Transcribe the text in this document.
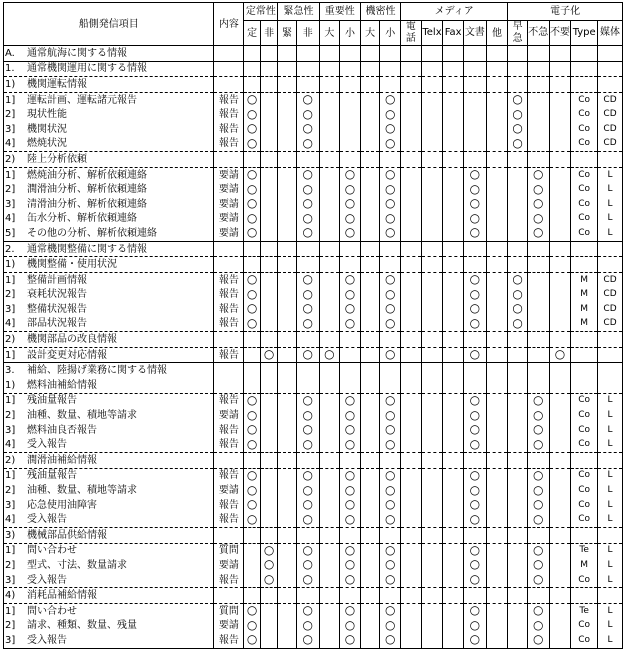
船側発信項目	内容	定常性		緊急性		重要性		機密性		メディア					電子化				
		定	非	緊	非	大	小	大	小	電話	Telx	Fax	文書	他	早急	不急	不要	Type	媒体
A. 通常航海に関する情報																			
1. 通常機関運用に関する情報																			
1) 機関運転情報																			
1] 運転計画、運転諸元報告	報告	○			○				○						○			Co	CD
2] 現状性能	報告	○			○				○						○			Co	CD
3] 機関状況	報告	○			○				○						○			Co	CD
4] 燃焼状況	報告	○			○				○						○			Co	CD
2) 陸上分析依頼																			
1] 燃焼油分析、解析依頼連絡	要請	○			○		○		○				○			○		Co	L
2] 潤滑油分析、解析依頼連絡	要請	○			○		○		○				○			○		Co	L
3] 清滑油分析、解析依頼連絡	要請	○			○		○		○				○			○		Co	L
4] 缶水分析、解析依頼連絡	要請	○			○		○		○				○			○		Co	L
5] その他の分析、解析依頼連絡	要請	○			○		○		○				○			○		Co	L
2. 通常機関整備に関する情報																			
1) 機関整備・使用状況																			
1] 整備計画情報	報告	○			○		○		○				○		○			M	CD
2] 衰耗状況報告	報告	○			○		○		○				○		○			M	CD
3] 整備状況報告	報告	○			○		○		○				○		○			M	CD
4] 部品状況報告	報告	○			○		○		○				○		○			M	CD
2) 機関部品の改良情報																			
1] 設計変更対応情報	報告		○		○	○			○				○				○		
3. 補給、陸揚げ業務に関する情報																			
1) 燃料油補給情報																			
1] 残油量報告	報告	○			○		○		○				○			○		Co	L
2] 油種、数量、積地等請求	要請	○			○		○		○				○			○		Co	L
3] 燃料油良否報告	報告	○			○		○		○				○			○		Co	L
4] 受入報告	報告	○			○		○		○				○			○		Co	L
2) 潤滑油補給情報																			
1] 残油量報告	報告	○			○		○		○				○			○		Co	L
2] 油種、数量、積地等請求	要請	○			○		○		○				○			○		Co	L
3] 応急使用油障害	報告	○			○		○		○				○			○		Co	L
4] 受入報告	報告	○			○		○		○				○			○		Co	L
3) 機械部品供給情報																			
1] 問い合わせ	質問		○		○		○		○				○			○		Te	L
2] 型式、寸法、数量請求	要請		○		○		○		○				○			○		M	L
3] 受入報告	報告		○		○		○		○				○			○		Co	L
4) 消耗品補給情報																			
1] 問い合わせ	質問	○			○		○		○				○			○		Te	L
2] 請求、種類、数量、残量	要請	○			○		○		○				○			○		Co	L
3] 受入報告	報告	○			○		○		○				○			○		Co	L
